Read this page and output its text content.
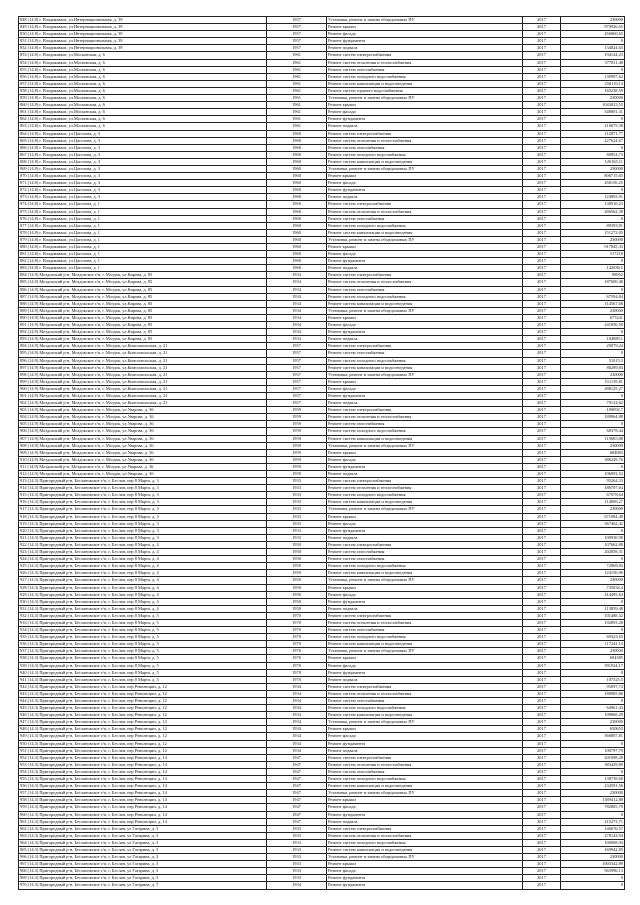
848 (14.8) г. Владикавказ, ул.Интернациональная, д. 39	1957	Установка, ремонт и замена общедомовых ПУ	2017	230000
849 (14.8) г. Владикавказ, ул.Интернациональная, д. 39	1957	Ремонт крыши	2017	879926,65
850 (14.8) г. Владикавказ, ул.Интернациональная, д. 39	1957	Ремонт фасада	2017	456860,65
851 (14.8) г. Владикавказ, ул.Интернациональная, д. 39	1957	Ремонт фундамента	2017	0
852 (14.8) г. Владикавказ, ул.Интернациональная, д. 39	1957	Ремонт подвала	2017	134824,63
853 (14.8) г. Владикавказ, ул.Московская, д. 6	1961	Ремонт систем электроснабжения	2017	194144,23
854 (14.8) г. Владикавказ, ул.Московская, д. 6	1961	Ремонт систем отопления и теплоснабжения	2017	377811,48
855 (14.8) г. Владикавказ, ул.Московская, д. 6	1961	Ремонт систем газоснабжения	2017	0
856 (14.8) г. Владикавказ, ул.Московская, д. 6	1961	Ремонт систем холодного водоснабжения	2017	139997,62
857 (14.8) г. Владикавказ, ул.Московская, д. 6	1961	Ремонт систем канализации и водоотведения	2017	258119,14
858 (14.8) г. Владикавказ, ул.Московская, д. 6	1961	Ремонт систем горячего водоснабжения	2017	165238,59
859 (14.8) г. Владикавказ, ул.Московская, д. 6	1961	Установка, ремонт и замена общедомовых ПУ	2017	230000
860 (14.8) г. Владикавказ, ул.Московская, д. 6	1961	Ремонт крыши	2017	1043023,55
861 (14.8) г. Владикавказ, ул.Московская, д. 6	1961	Ремонт фасада	2017	348001,31
862 (14.8) г. Владикавказ, ул.Московская, д. 6	1961	Ремонт фундамента	2017	0
863 (14.8) г. Владикавказ, ул.Московская, д. 6	1961	Ремонт подвала	2017	216675,38
864 (14.8) г. Владикавказ, ул.Цаголова, д. 3	1960	Ремонт систем электроснабжения	2017	112871,77
865 (14.8) г. Владикавказ, ул.Цаголова, д. 3	1960	Ремонт систем отопления и теплоснабжения	2017	227624,67
866 (14.8) г. Владикавказ, ул.Цаголова, д. 3	1960	Ремонт систем газоснабжения	2017	0
867 (14.8) г. Владикавказ, ул.Цаголова, д. 3	1960	Ремонт систем холодного водоснабжения	2017	80854,73
868 (14.8) г. Владикавказ, ул.Цаголова, д. 3	1960	Ремонт систем канализации и водоотведения	2017	126165,11
869 (14.8) г. Владикавказ, ул.Цаголова, д. 3	1960	Установка, ремонт и замена общедомовых ПУ	2017	230000
870 (14.8) г. Владикавказ, ул.Цаголова, д. 3	1960	Ремонт крыши	2017	806715,65
871 (14.8) г. Владикавказ, ул.Цаголова, д. 3	1960	Ремонт фасада	2017	456156,25
872 (14.8) г. Владикавказ, ул.Цаголова, д. 3	1960	Ремонт фундамента	2017	0
873 (14.8) г. Владикавказ, ул.Цаголова, д. 3	1960	Ремонт подвала	2017	124893,91
874 (14.8) г. Владикавказ, ул.Цаголова, д. 1	1960	Ремонт систем электроснабжения	2017	130910,23
875 (14.8) г. Владикавказ, ул.Цаголова, д. 1	1960	Ремонт систем отопления и теплоснабжения	2017	266562,38
876 (14.8) г. Владикавказ, ул.Цаголова, д. 1	1960	Ремонт систем газоснабжения	2017	0
877 (14.8) г. Владикавказ, ул.Цаголова, д. 1	1960	Ремонт систем холодного водоснабжения	2017	89393,91
878 (14.8) г. Владикавказ, ул.Цаголова, д. 1	1960	Ремонт систем канализации и водоотведения	2017	151272,05
879 (14.8) г. Владикавказ, ул.Цаголова, д. 1	1960	Установка, ремонт и замена общедомовых ПУ	2017	230000
880 (14.8) г. Владикавказ, ул.Цаголова, д. 1	1960	Ремонт крыши	2017	917845,33
881 (14.8) г. Владикавказ, ул.Цаголова, д. 1	1960	Ремонт фасада	2017	517210
882 (14.8) г. Владикавказ, ул.Цаголова, д. 1	1960	Ремонт фундамента	2017	0
883 (14.8) г. Владикавказ, ул.Цаголова, д. 1	1960	Ремонт подвала	2017	142036,5
884 (14.9) Моздокский р-н, Моздокское г/п, г. Моздок, ул.Кирова, д. 85	1934	Ремонт систем электроснабжения	2017	98952
885 (14.9) Моздокский р-н, Моздокское г/п, г. Моздок, ул.Кирова, д. 85	1934	Ремонт систем отопления и теплоснабжения	2017	187600,48
886 (14.9) Моздокский р-н, Моздокское г/п, г. Моздок, ул.Кирова, д. 85	1934	Ремонт систем газоснабжения	2017	0
887 (14.9) Моздокский р-н, Моздокское г/п, г. Моздок, ул.Кирова, д. 85	1934	Ремонт систем холодного водоснабжения	2017	67594,84
888 (14.9) Моздокский р-н, Моздокское г/п, г. Моздок, ул.Кирова, д. 85	1934	Ремонт систем канализации и водоотведения	2017	114567,68
889 (14.9) Моздокский р-н, Моздокское г/п, г. Моздок, ул.Кирова, д. 85	1934	Установка, ремонт и замена общедомовых ПУ	2017	230000
890 (14.9) Моздокский р-н, Моздокское г/п, г. Моздок, ул.Кирова, д. 85	1934	Ремонт крыши	2017	677241
891 (14.9) Моздокский р-н, Моздокское г/п, г. Моздок, ул.Кирова, д. 85	1934	Ремонт фасада	2017	241856,58
892 (14.9) Моздокский р-н, Моздокское г/п, г. Моздок, ул.Кирова, д. 85	1934	Ремонт фундамента	2017	0
893 (14.9) Моздокский р-н, Моздокское г/п, г. Моздок, ул.Кирова, д. 85	1934	Ремонт подвала	2017	104889,1
894 (14.9) Моздокский р-н, Моздокское г/п, г. Моздок, ул.Комсомольская, д. 21	1957	Ремонт систем электроснабжения	2017	29079,24
895 (14.9) Моздокский р-н, Моздокское г/п, г. Моздок, ул.Комсомольская, д. 21	1957	Ремонт систем газоснабжения	2017	0
896 (14.9) Моздокский р-н, Моздокское г/п, г. Моздок, ул.Комсомольская, д. 21	1957	Ремонт систем холодного водоснабжения	2017	51015,5
897 (14.9) Моздокский р-н, Моздокское г/п, г. Моздок, ул.Комсомольская, д. 21	1957	Ремонт систем канализации и водоотведения	2017	86289,83
898 (14.9) Моздокский р-н, Моздокское г/п, г. Моздок, ул.Комсомольская, д. 21	1957	Установка, ремонт и замена общедомовых ПУ	2017	230000
899 (14.9) Моздокский р-н, Моздокское г/п, г. Моздок, ул.Комсомольская, д. 21	1957	Ремонт крыши	2017	511139,81
900 (14.9) Моздокский р-н, Моздокское г/п, г. Моздок, ул.Комсомольская, д. 21	1957	Ремонт фасада	2017	288125,27
901 (14.9) Моздокский р-н, Моздокское г/п, г. Моздок, ул.Комсомольская, д. 21	1957	Ремонт фундамента	2017	0
902 (14.9) Моздокский р-н, Моздокское г/п, г. Моздок, ул.Комсомольская, д. 21	1957	Ремонт подвала	2017	79124,62
903 (14.9) Моздокский р-н, Моздокское г/п, г. Моздок, ул.Уварова, д. 36	1959	Ремонт систем электроснабжения	2017	100092,7
904 (14.9) Моздокский р-н, Моздокское г/п, г. Моздок, ул.Уварова, д. 36	1959	Ремонт систем отопления и теплоснабжения	2017	189964,88
905 (14.9) Моздокский р-н, Моздокское г/п, г. Моздок, ул.Уварова, д. 36	1959	Ремонт систем газоснабжения	2017	0
906 (14.9) Моздокский р-н, Моздокское г/п, г. Моздок, ул.Уварова, д. 36	1959	Ремонт систем холодного водоснабжения	2017	68378,44
907 (14.9) Моздокский р-н, Моздокское г/п, г. Моздок, ул.Уварова, д. 36	1959	Ремонт систем канализации и водоотведения	2017	115685,88
908 (14.9) Моздокский р-н, Моздокское г/п, г. Моздок, ул.Уварова, д. 36	1959	Установка, ремонт и замена общедомовых ПУ	2017	230000
909 (14.9) Моздокский р-н, Моздокское г/п, г. Моздок, ул.Уварова, д. 36	1959	Ремонт крыши	2017	684883
910 (14.9) Моздокский р-н, Моздокское г/п, г. Моздок, ул.Уварова, д. 36	1959	Ремонт фасада	2017	386249,76
911 (14.9) Моздокский р-н, Моздокское г/п, г. Моздок, ул.Уварова, д. 36	1959	Ремонт фундамента	2017	0
912 (14.9) Моздокский р-н, Моздокское г/п, г. Моздок, ул.Уварова, д. 36	1959	Ремонт подвала	2017	106093,52
913 (14.3) Пригородный р-н, Беслановское г/п, г. Беслан, пер 8 Марта, д. 3	1933	Ремонт систем электроснабжения	2017	95264,33
914 (14.3) Пригородный р-н, Беслановское г/п, г. Беслан, пер 8 Марта, д. 3	1933	Ремонт систем отопления и теплоснабжения	2017	186707,64
915 (14.3) Пригородный р-н, Беслановское г/п, г. Беслан, пер 8 Марта, д. 3	1933	Ремонт систем холодного водоснабжения	2017	67078,64
916 (14.3) Пригородный р-н, Беслановское г/п, г. Беслан, пер 8 Марта, д. 3	1933	Ремонт систем канализации и водоотведения	2017	114006,27
917 (14.3) Пригородный р-н, Беслановское г/п, г. Беслан, пер 8 Марта, д. 3	1933	Установка, ремонт и замена общедомовых ПУ	2017	230000
918 (14.3) Пригородный р-н, Беслановское г/п, г. Беслан, пер 8 Марта, д. 3	1933	Ремонт крыши	2017	671084,48
919 (14.3) Пригородный р-н, Беслановское г/п, г. Беслан, пер 8 Марта, д. 3	1933	Ремонт фасада	2017	367462,42
920 (14.3) Пригородный р-н, Беслановское г/п, г. Беслан, пер 8 Марта, д. 3	1933	Ремонт фундамента	2017	0
921 (14.3) Пригородный р-н, Беслановское г/п, г. Беслан, пер 8 Марта, д. 3	1933	Ремонт подвала	2017	100930,98
922 (14.3) Пригородный р-н, Беслановское г/п, г. Беслан, пер 8 Марта, д. 4	1950	Ремонт систем электроснабжения	2017	107662,88
923 (14.3) Пригородный р-н, Беслановское г/п, г. Беслан, пер 8 Марта, д. 4	1950	Ремонт систем газоснабжения	2017	202858,31
924 (14.3) Пригородный р-н, Беслановское г/п, г. Беслан, пер 8 Марта, д. 4	1950	Ремонт систем газоснабжения	2017	0
925 (14.3) Пригородный р-н, Беслановское г/п, г. Беслан, пер 8 Марта, д. 4	1950	Ремонт систем холодного водоснабжения	2017	72868,82
926 (14.3) Пригородный р-н, Беслановское г/п, г. Беслан, пер 8 Марта, д. 4	1950	Ремонт систем канализации и водоотведения	2017	124156,96
927 (14.3) Пригородный р-н, Беслановское г/п, г. Беслан, пер 8 Марта, д. 4	1950	Установка, ремонт и замена общедомовых ПУ	2017	230000
928 (14.3) Пригородный р-н, Беслановское г/п, г. Беслан, пер 8 Марта, д. 4	1950	Ремонт крыши	2017	735834,4
929 (14.3) Пригородный р-н, Беслановское г/п, г. Беслан, пер 8 Марта, д. 4	1950	Ремонт фасада	2017	414495,63
930 (14.3) Пригородный р-н, Беслановское г/п, г. Беслан, пер 8 Марта, д. 4	1950	Ремонт фундамента	2017	0
931 (14.3) Пригородный р-н, Беслановское г/п, г. Беслан, пер 8 Марта, д. 4	1950	Ремонт подвала	2017	113859,48
932 (14.3) Пригородный р-н, Беслановское г/п, г. Беслан, пер 8 Марта, д. 5	1970	Ремонт систем электроснабжения	2017	101488,52
933 (14.3) Пригородный р-н, Беслановское г/п, г. Беслан, пер 8 Марта, д. 5	1970	Ремонт систем отопления и теплоснабжения	2017	192893,28
934 (14.3) Пригородный р-н, Беслановское г/п, г. Беслан, пер 8 Марта, д. 5	1970	Ремонт систем газоснабжения	2017	0
935 (14.3) Пригородный р-н, Беслановское г/п, г. Беслан, пер 8 Марта, д. 5	1970	Ремонт систем холодного водоснабжения	2017	69323,65
936 (14.3) Пригородный р-н, Беслановское г/п, г. Беслан, пер 8 Марта, д. 5	1970	Ремонт систем канализации и водоотведения	2017	117241,14
937 (14.3) Пригородный р-н, Беслановское г/п, г. Беслан, пер 8 Марта, д. 5	1970	Установка, ремонт и замена общедомовых ПУ	2017	230000
938 (14.3) Пригородный р-н, Беслановское г/п, г. Беслан, пер 8 Марта, д. 5	1970	Ремонт крыши	2017	694385
939 (14.3) Пригородный р-н, Беслановское г/п, г. Беслан, пер 8 Марта, д. 5	1970	Ремонт фасада	2017	391924,17
940 (14.3) Пригородный р-н, Беслановское г/п, г. Беслан, пер 8 Марта, д. 5	1970	Ремонт фундамента	2017	0
941 (14.3) Пригородный р-н, Беслановское г/п, г. Беслан, пер 8 Марта, д. 5	1970	Ремонт подвала	2017	107525,5
942 (14.3) Пригородный р-н, Беслановское г/п, г. Беслан, пер Революции, д. 12	1934	Ремонт систем электроснабжения	2017	95097,74
943 (14.3) Пригородный р-н, Беслановское г/п, г. Беслан, пер Революции, д. 12	1934	Ремонт систем отопления и теплоснабжения	2017	180985,86
944 (14.3) Пригородный р-н, Беслановское г/п, г. Беслан, пер Революции, д. 12	1934	Ремонт систем газоснабжения	2017	0
945 (14.3) Пригородный р-н, Беслановское г/п, г. Беслан, пер Революции, д. 12	1934	Ремонт систем холодного водоснабжения	2017	64961,43
946 (14.3) Пригородный р-н, Беслановское г/п, г. Беслан, пер Революции, д. 12	1934	Ремонт систем канализации и водоотведения	2017	109868,29
947 (14.3) Пригородный р-н, Беслановское г/п, г. Беслан, пер Революции, д. 12	1934	Установка, ремонт и замена общедомовых ПУ	2017	230000
948 (14.3) Пригородный р-н, Беслановское г/п, г. Беслан, пер Революции, д. 12	1934	Ремонт крыши	2017	650653
949 (14.3) Пригородный р-н, Беслановское г/п, г. Беслан, пер Революции, д. 12	1934	Ремонт фасада	2017	366807,81
950 (14.3) Пригородный р-н, Беслановское г/п, г. Беслан, пер Революции, д. 12	1934	Ремонт фундамента	2017	0
951 (14.3) Пригородный р-н, Беслановское г/п, г. Беслан, пер Революции, д. 12	1934	Ремонт подвала	2017	100797,79
952 (14.3) Пригородный р-н, Беслановское г/п, г. Беслан, пер Революции, д. 14	1947	Ремонт систем электроснабжения	2017	201098,28
953 (14.3) Пригородный р-н, Беслановское г/п, г. Беслан, пер Революции, д. 14	1947	Ремонт систем отопления и теплоснабжения	2017	383429,89
954 (14.3) Пригородный р-н, Беслановское г/п, г. Беслан, пер Революции, д. 14	1947	Ремонт систем газоснабжения	2017	0
955 (14.3) Пригородный р-н, Беслановское г/п, г. Беслан, пер Революции, д. 14	1947	Ремонт систем холодного водоснабжения	2017	138739,68
956 (14.3) Пригородный р-н, Беслановское г/п, г. Беслан, пер Революции, д. 14	1947	Ремонт систем канализации и водоотведения	2017	234591,56
957 (14.3) Пригородный р-н, Беслановское г/п, г. Беслан, пер Революции, д. 14	1947	Установка, ремонт и замена общедомовых ПУ	2017	230000
958 (14.3) Пригородный р-н, Беслановское г/п, г. Беслан, пер Революции, д. 14	1947	Ремонт крыши	2017	1389412,88
959 (14.3) Пригородный р-н, Беслановское г/п, г. Беслан, пер Революции, д. 14	1947	Ремонт фасада	2017	782805,79
960 (14.3) Пригородный р-н, Беслановское г/п, г. Беслан, пер Революции, д. 14	1947	Ремонт фундамента	2017	0
961 (14.3) Пригородный р-н, Беслановское г/п, г. Беслан, пер Революции, д. 14	1947	Ремонт подвала	2017	215273,71
962 (14.3) Пригородный р-н, Беслановское г/п, г. Беслан, ул Гагарина, д. 3	1933	Ремонт систем электроснабжения	2017	146676,57
963 (14.3) Пригородный р-н, Беслановское г/п, г. Беслан, ул Гагарина, д. 3	1933	Ремонт систем отопления и теплоснабжения	2017	278143,94
964 (14.3) Пригородный р-н, Беслановское г/п, г. Беслан, ул Гагарина, д. 3	1933	Ремонт систем холодного водоснабжения	2017	100068,94
965 (14.3) Пригородный р-н, Беслановское г/п, г. Беслан, ул Гагарина, д. 3	1933	Ремонт систем канализации и водоотведения	2017	169942,85
966 (14.3) Пригородный р-н, Беслановское г/п, г. Беслан, ул Гагарина, д. 3	1933	Установка, ремонт и замена общедомовых ПУ	2017	230000
967 (14.3) Пригородный р-н, Беслановское г/п, г. Беслан, ул Гагарина, д. 3	1933	Ремонт крыши	2017	1003342,89
968 (14.3) Пригородный р-н, Беслановское г/п, г. Беслан, ул Гагарина, д. 3	1933	Ремонт фасада	2017	565996,13
969 (14.3) Пригородный р-н, Беслановское г/п, г. Беслан, ул Гагарина, д. 3	1933	Ремонт фундамента	2017	0
970 (14.3) Пригородный р-н, Беслановское г/п, г. Беслан, ул Гагарина, д. 7	1934	Ремонт фундамента	2017	0
